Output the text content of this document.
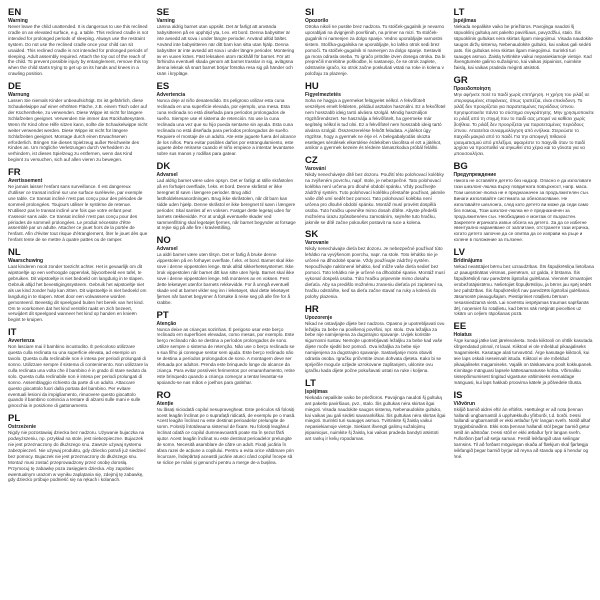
EN
Warning
Never leave the child unattended. It is dangerous to use this reclined cradle on an elevated surface, e.g. a table. This reclined cradle is not intended for prolonged periods of sleeping. Always use the restraint system. Do not use the reclined cradle once your child can sit unaided. This reclined cradle is not intended for prolonged periods of sleeping. Adult assembly required. Attach the toy out of the reach of the child. To prevent possible injury by entanglement, remove this toy when the child starts trying to get up on its hands and knees in a crawling position.
DE
Warnung
Lassen Sie niemals Kinder unbeaufsichtigt. Es ist gefährlich, diese Schaukelwippe auf einer erhöhten Fläche, z.B. einem Tisch oder auf der Küchentheke, zu verwenden. Diese Wippe ist nicht für längere Schlafzeiten geeignet. Verwenden Sie immer das Rückhaltesystem. Wenn Ihr Kind ohne Hilfe sitzen kann, sollte die Schaukelwippe nicht weiter verwendet werden. Diese Wippe ist nicht für längere Schlafzeiten geeignet. Montage durch einen Erwachsenen erforderlich. Bringen Sie dieses Spielzeug außer Reichweite des Kindes an. Um mögliche Verletzungen durch Verheddern zu verhindern, ist dieses Spielzeug zu entfernen, wenn das Kind beginnt zu versuchen, sich auf allen vieren zu bewegen.
FR
Avertissement
Ne jamais laisser l'enfant sans surveillance. Il est dangereux d'utiliser ce transat incliné sur une surface surélevée, par exemple une table. Ce transat incliné n'est pas conçu pour des périodes de sommeil prolongées. Toujours utiliser le système de retenue. N'utilisez pas le transat incliné une fois que votre enfant peut s'asseoir sans aide. Ce transat incliné n'est pas conçu pour des périodes de sommeil prolongées. Le produit nécessite d'être assemblé par un adulte. Attacher ce jouet hors de la portée de l'enfant. Afin d'éviter tout risque d'étranglement, ôter le jouet dès que l'enfant tente de se mettre à quatre pattes ou de ramper.
NL
Waarschuwing
Laat kinderen nooit zonder toezicht achter. Het is gevaarlijk om dit wipstoeltje op een verhoogde oppervlak, bijvoorbeeld een tafel, te gebruiken. Dit wipstoeltje is niet bedoeld om langdurig in te slapen. Gebruik altijd het bevestigingssysteem. Gebruik het wipstoeltje niet als uw kind zonder hulp kan zitten. Dit wipstoeltje is niet bedoeld om langdurig in te slapen. Moet door een volwassene worden gemonteerd. Bevestig dit speelgoed buiten het bereik van het kind. Om te voorkomen dat het kind verstrikt raakt en zich bezeert, verwijdert dit speelgoed wanneer het kind op handen en knieën begint te kruipen.
IT
Avvertenza
Non lasciare mai il bambino incustodito. È pericoloso utilizzare questa culla reclinata su una superficie elevata, ad esempio un tavolo. Questa culla reclinabile non è intesa per periodi prolungati di sonno. Utilizzare sempre il sistema di contenimento. Non utilizzare la culla reclinata una volta che il bambino è in grado di stare seduto da solo. Questa culla reclinabile non è intesa per periodi prolungati di sonno. Assemblaggio richiesto da parte di un adulto. Attaccare questo giocattolo fuori dalla portata del bambino. Per evitare eventuali lesioni da impigliamento, rimuovere questo giocattolo quando il bambino comincia a tentare di alzarsi sulle mani e sulle ginocchia in posizione di gattonamento.
PL
Ostrzeżenie
Nigdy nie pozostawiaj dziecka bez nadzoru. Używanie bujaczka na podwyższeniu, np. przykład na stole, jest niebezpieczne. Bujaczek nie jest przeznaczony do dłuższego snu. Zawsze używaj systemu zabezpieczeń. Nie używaj produktu, gdy dziecko potrafi już siedzieć bez pomocy. Bujaczek nie jest przeznaczony do dłuższego snu. Montaż musi zostać przeprowadzony przez osobę dorosłą. Przymocuj tę zabawkę poza zasięgiem dziecka. Aby zapobiec ewentualnym urazom w wyniku zaplątania się, zdejmij tę zabawkę, gdy dziecko próbuje podnieść się na rękach i kolanach.
SE
Varning
Lämna aldrig barnet utan uppsikt. Det är farligt att använda babysitteren på en upphöjd yta, t.ex. ett bord. Denna babysitter är inte avsedd att sova i under längre perioder. Använd alltid bältet. Använd inte babysitteren när ditt barn kan sitta utan hjälp. Denna babysitter är inte avsedd att sova i under längre perioder. Montering av en vuxen krävs. Fäst leksaken utom räckhåll för barnet. För att förhindra eventuell skada genom att barnet trasslar in sig, avlägsna denna leksak så snart barnet börjar försöka resa sig på händer och knän i krypläge.
ES
Advertencia
Nunca deje al niño desatendido. Es peligroso utilizar esta cuna reclinada en una superficie elevada, por ejemplo, una mesa. Esta cuna reclinada no está diseñada para períodos prolongados de sueño. Siempre use el sistema de retención. No use la cuna reclinada una vez que su hijo pueda sentarse sin ayuda. Esta cuna reclinada no está diseñada para períodos prolongados de sueño. Requiere el montaje de un adulto. Ate este juguete fuera del alcance de los niños. Para evitar posibles daños por estrangulamiento, este juguete debe retirarse cuando el niño empiece a intentar levantarse sobre sus manos y rodillas para gatear.
DK
Advarsel
Lad aldrig barnet være uden opsyn. Det er farligt at stille skråstolen på en forhøjet overflade, f.eks. et bord. Denne skråstol er ikke beregnet til søvn i længere perioder. Brug altid fastholdelsesanordningen. Brug ikke skråstolen, når dit barn kan sidde uden hjælp. Denne skråstol er ikke beregnet til søvn i længere perioder. Skal samles af en voksen. Fastgør dette legetøj uden for barnets rækkevidde. For at undgå eventuelle skader ved sammenfiltring skal legetøjet fjernes, når barnet begynder at forsøge at rejse sig på alle fire i kravlestilling.
NO
Advarsel
La aldri barnet være uten tilsyn. Det er farlig å bruke denne vippestolen på en forhøyet overflate, f.eks. et bord. Barnet skal ikke sove i denne vippestolen lenge. Bruk alltid sikkerhetssystemet. Ikke bruk vippestolen når barnet ditt kan sitte uten hjelp. Barnet skal ikke sove i denne vippestolen lenge. Må monteres av en voksen. Fest dette leketøyet utenfor barnets rekkevidde. For å unngå eventuell skade ved at barnet vikler seg inn i leketøyet, skal dette leketøyet fjernes når barnet begynner å forsøke å reise seg på alle fire for å krabbe.
PT
Atenção
Nunca deixe as crianças sozinhas. É perigoso usar este berço reclinado em superfícies elevadas, como mesas, por exemplo. Este berço reclinado não se destina a períodos prolongados de sono. Utilize sempre o sistema de retenção. Não use o berço reclinado se a sua filho já consegue sentar sem ajuda. Este berço reclinado não se destina a períodos prolongados de sono. A montagem deve ser efetuada por adultos. Prenda este brinquedo longe do alcance da criança. Para evitar possíveis ferimentos por emaranhamento, retire este brinquedo quando a criança começar a tentar levantar-se apoiando-se nas mãos e joelhos para gatinhar.
RO
Atenție
Nu lăsați niciodată copilul nesupravegheat. Este periculos să folosiți acest leagăn înclinat pe o suprafață ridicată, de exemplu pe o masă. Acest leagăn înclinat nu este destinat perioadelor prelungite de somn. Folosiți întotdeauna sistemul de fixare. Nu folosiți leagănul înclinat odată ce copilul dumneavoastră poate sta în șezut fără ajutor. Acest leagăn înclinat nu este destinat perioadelor prelungite de somn. Necesită asamblare de către un adult. Fixați jucăria în afara razei de acțiune a copilului. Pentru a evita orice vătămare prin încurcare, îndepărtați această jucărie atunci când copilul începe să se ridice pe mâini și genunchi pentru a merge de-a bușilea.
SI
Opozorilo
Otroka nikoli ne pustite brez nadzora. To stolček-gugalnik je nevarno uporabljati na dvignjenih površinah, na primer na mizi. Ta stolček-gugalnik ni namenjen za dolgo spanje. Vedno uporabljajte varnostni sistem. Stolčka-gugalnika ne uporabljajte, ko lahko otrok sedi brez pomoči. Ta stolček-gugalnik ni namenjen za dolgo spanje. Sestaviti ga mora odrasla oseba. To igračo pritrdite izven dosega otroka. Da bi preprečili morebitne poškodbe, ki nastanejo, če se otrok zaplete, odstranite igračo, ko otrok začne poskušati vstati na roke in kolena v položaju za plazenje.
HU
Figyelmeztetés
Soha ne hagyja a gyermeket felügyelet nélkül. A fekvőfotelt veszélyes emelt felületen, például asztalon használni. Ez a fekvőfotel nem hosszabb ideig tartó alvásra szolgál. Mindig használjon rögzítőrendszert. Ne használja a fekvőfotelt, ha gyermeke már segítség nélkül is tud ülni. Ez a fekvőfotel nem hosszabb ideig tartó alvásra szolgál. Összeszerelése felnőtt feladata. A játékot úgy rögzítse, hogy a gyermek ne érje el. A belegabalyodás okozta esetleges sérülések elkerülése érdekében távolítsa el ezt a játékot, amikor a gyermek kezeire és térdeire támaszkodva próbál felállni.
CZ
Varování
Nikdy nenechávejte dítě bez dozoru. Použití této polohovací kolébky na zvýšeném povrchu, např. stole, je nebezpečné. Tato polohovací kolébka není určena pro dlouhé období spánku. Vždy používejte zádržný systém. Tuto polohovací kolébku přestaňte používat, jakmile vaše dítě umí sedět bez pomoci. Tato polohovací kolébka není určena pro dlouhé období spánku. Montáž musí provést dospělá osoba. Tuto hračku upevněte mimo dosah dítěte. Abyste předešli možnému úrazu způsobenému zamotáním, sejměte tuto hračku, jakmile se dítě začne pokoušet postavit na ruce a kolena.
SK
Varovanie
Nikdy nenechávajte dieťa bez dozoru. Je nebezpečné používať túto lehátko na vyvýšenom povrchu, napr. na stole. Toto lehátko nie je určené na dlhodobé spanie. Vždy používajte zádržný systém. Nepoužívajte naklonené lehátko, keď môže vaše dieťa sedieť bez pomoci. Toto lehátko nie je určené na dlhodobé spanie. Montáž musí vykonať dospelá osoba. Túto hračku pripevnite mimo dosahu dieťaťa. Aby sa predišlo možnému zraneniu dieťaťa pri zapletení sa, hračku odstráňte, keď sa dieťa začne stavať na ruky a kolená do polohy plazenia.
HR
Upozorenje
Nikad ne ostavljajte dijete bez nadzora. Opasno je upotrebljavati ovu ležaljku za bebe na povišenoj površini, npr. stolu. Ova ležaljka za bebe nije namijenjena za dugotrajno spavanje. Uvijek koristite sigurnosni sustav. Nemojte upotrebljavati ležaljku za bebe kad vaše dijete može sjediti bez pomoći. Ova ležaljka za bebe nije namijenjena za dugotrajno spavanje. Sastavljanje mora obaviti odrasla osoba. Igračku pričvrstite izvan dohvata djeteta. Kako bi se spriječile moguće ozljede uzrokovane zaplitanjem, uklonite ovu igračku kada dijete počne pokušavati ustati na ruke i koljena.
LT
Įspėjimas
Niekada nepalikite vaiko be priežiūros. Pavojinga naudoti šį gultuką ant pakelto paviršiaus, pvz., stalo. Šis gultukas nėra skirtas ilgai miegoti. Visada naudokite saugos sistemą. Nebenaudokite gultuko, kai vaikas jau gali sėdėti savarankiškai. Šis gultukas nėra skirtas ilgai miegoti. Surinkti turi suaugęs asmuo. Tvirtinkite šį žaislą vaikui nepasiekiamoje vietoje. Siekiant išvengti galimų sužalojimų įsipainiojus, nuimkite šį žaislą, kai vaikas pradeda bandyti atsistoti ant rankų ir kelių ropodamas.
LT
Įspėjimas
Niekada nepalikite vaiko be priežiūros. Pavojinga naudoti šį sūpuoklinį gultuką ant pakelto paviršiaus, pavyzdžiui, stalo. Šis sūpuoklinis gultukas nėra skirtas ilgam miegojimui. Visada naudokite saugos diržų sistemą. Nebenaudokite gultuko, kai vaikas gali sėdėti pats. Šis gultukas nėra skirtas ilgam miegojimui. Surinkti turi suaugęs asmuo. Žaislą tvirtinkite vaikui nepasiekiamoje vietoje. Kad išvengtumėte galimo sužalojimo, kai vaikas įsipainios, nuimkite žaislą, kai vaikas pradeda mėginti atsistoti.
GR
Προειδοποίηση
Μην αφήνετε ποτέ το παιδί χωρίς επιτήρηση. Η χρήση του ριλάξ σε υπερυψωμένες επιφάνειες, όπως τραπέζια, είναι επικίνδυνη. Το ριλάξ δεν προορίζεται για παρατεταμένες περιόδους ύπνου. Χρησιμοποιείτε πάντα το σύστημα συγκράτησης. Μην χρησιμοποιείτε το ριλάξ από τη στιγμή που το παιδί σας μπορεί να καθίσει χωρίς βοήθεια. Το ριλάξ δεν προορίζεται για παρατεταμένες περιόδους ύπνου. Απαιτείται συναρμολόγηση από ενήλικα. Στερεώστε το παιχνίδι μακριά από το παιδί. Για την αποφυγή πιθανού τραυματισμού από μπλέξιμο, αφαιρέστε το παιχνίδι όταν το παιδί αρχίσει να προσπαθεί να σηκωθεί στα χέρια και τα γόνατα για να μπουσουλήσει.
BG
Предупреждение
Никога не оставяйте детето без надзор. Опасно е да използвате тази шезлонг-люлка върху повдигната повърхност, напр. маса. Този шезлонг-люлка не е предназначен за продължителен сън. Винаги използвайте системата за обезопасяване. Не използвайте шезлонга, след като детето ви може да седи само без помощ. Този шезлонг-люлка не е предназначен за продължителен сън. Необходимо е монтаж от възрастен. Закрепете играчката извън обсега на детето. За да се избегне евентуално нараняване от заплитане, отстранете тази играчка, когато детето започне да се опитва да се изправи на ръце и колене в положение за пълзене.
LV
Brīdinājums
Nekad neatstājiet bērnu bez uzraudzības. Šīs šūpuļkrēsliņa lietošana uz paaugstinātas virsmas, piemēram, uz galda, ir bīstama. Šis šūpuļkrēsliņš nav paredzēts ilgstošai gulēšanai. Vienmēr izmantojiet ierobežotājsistēmu. Nelietojiet šūpuļkrēsliņu, ja bērns jau spēj sēdēt bez palīdzības. Šis šūpuļkrēsliņš nav paredzēts ilgstošai gulēšanai. Jāsamontē pieaugušajam. Piestipriniet rotaļlietu bērnam nesasniedzamā vietā. Lai novērstu iespējamas traumas sapīšanās dēļ, noņemiet šo rotaļlietu, kad bērns sāk mēģināt piecelties uz rokām un ceļiem rāpošanas pozā.
EE
Hoiatus
Ärge kunagi jätke last järelevalveta. Seda kiiktooli on ohtlik kasutada kõrgendatud pinnal, nt laual. Kiiktool ei ole mõeldud pikaajaliseks magamiseks. Kasutage alati turvavööd. Ärge kasutage kiiktooli, kui teie laps oskab iseseisvalt istuda. Kiiktool ei ole mõeldud pikaajaliseks magamiseks. Vajalik on täiskasvanu poolt kokkupanek. Kinnitage mänguasi lapsele kättesaamatusse kohta. Võimaliku sissepõimumisest tingitud vigastuse vältimiseks eemaldage mänguasi, kui laps hakkab proovima kätele ja põlvedele tõusta.
IS
Viðvörun
Skiljið barnið aldrei eftir án eftirlits. Hættulegt er að nota þennan hallandi ungbarnastól á upphækkuðu yfirborði, t.d. borði. Þessi hallandi ungbarnastóll er ekki ætlaður fyrir langan svefn. Notið alltaf öryggisbúnaðinn. Ekki nota þennan hallandi stól þegar barnið getur setið án aðstoðar. Þessi stóll er ekki ætlaður fyrir langan svefn. Fullorðinn þarf að setja saman. Festið leikfangið utan seilingar barnsins. Til að forðast mögulegan skaða af flækjum skal fjarlægja leikfangið þegar barnið byrjar að reyna að standa upp á hendur og hné.
